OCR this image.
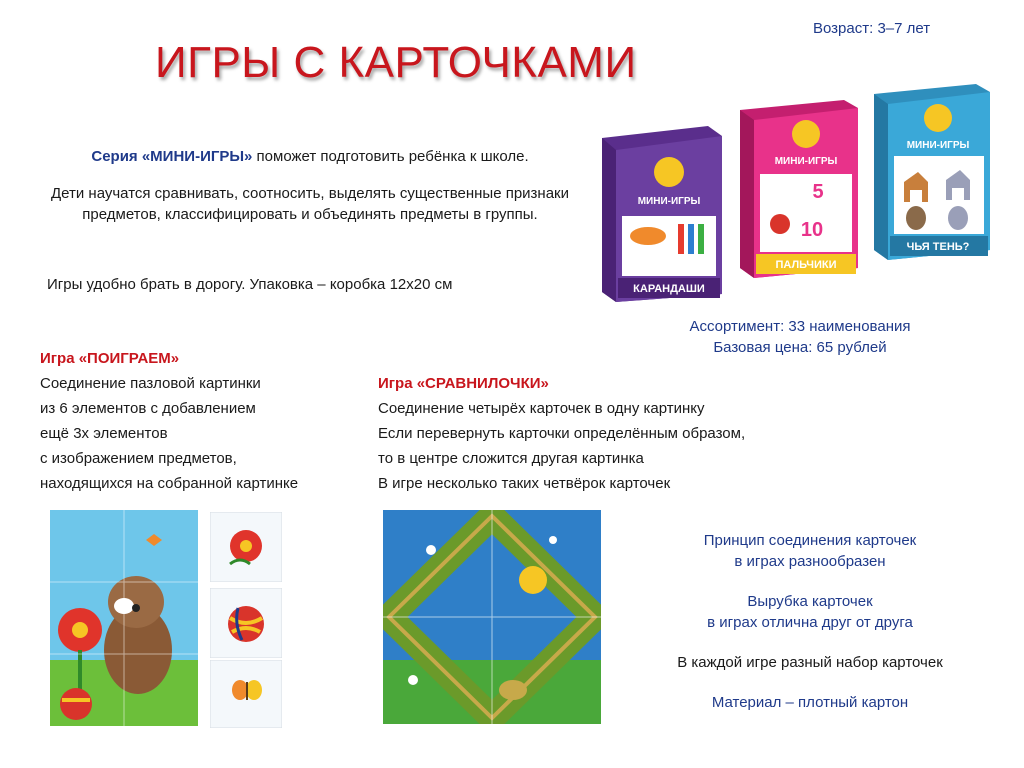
ИГРЫ С КАРТОЧКАМИ
Возраст: 3–7 лет

Серия «МИНИ-ИГРЫ» поможет подготовить ребёнка к школе.

Дети научатся сравнивать, соотносить, выделять существенные признаки предметов, классифицировать и объединять предметы в группы.

Игры удобно брать в дорогу. Упаковка – коробка 12х20 см
МИНИ-ИГРЫ
КАРАНДАШИ
МИНИ-ИГРЫ
5
10
ПАЛЬЧИКИ
МИНИ-ИГРЫ
ЧЬЯ ТЕНЬ?
Ассортимент: 33 наименования
Базовая цена: 65 рублей
Игра «ПОИГРАЕМ»
Соединение пазловой картинки
из 6 элементов с добавлением
ещё 3х элементов
с изображением предметов,
находящихся на собранной картинке
Игра «СРАВНИЛОЧКИ»
Соединение четырёх карточек в одну картинку
Если перевернуть карточки определённым образом,
то в центре сложится другая картинка
В игре несколько таких четвёрок карточек

Принцип соединения карточек
в играх разнообразен

Вырубка карточек
в играх отлична друг от друга

В каждой игре разный набор карточек

Материал – плотный картон
